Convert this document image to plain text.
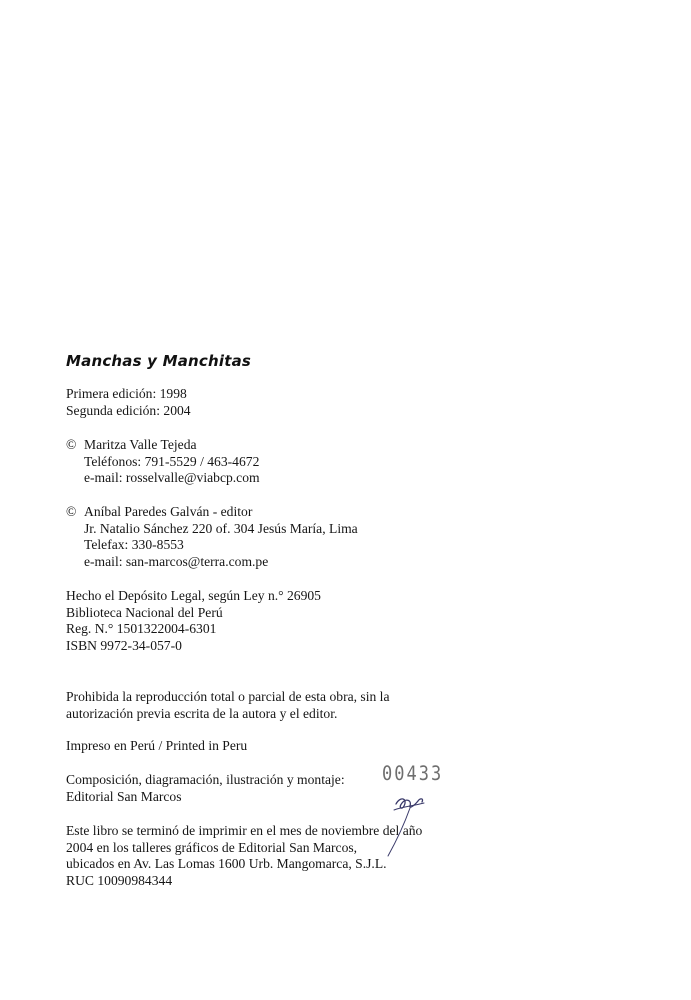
Manchas y Manchitas
Primera edición: 1998
Segunda edición: 2004
© Maritza Valle Tejeda
Teléfonos: 791-5529 / 463-4672
e-mail: rosselvalle@viabcp.com
© Aníbal Paredes Galván - editor
Jr. Natalio Sánchez 220 of. 304 Jesús María, Lima
Telefax: 330-8553
e-mail: san-marcos@terra.com.pe
Hecho el Depósito Legal, según Ley n.° 26905
Biblioteca Nacional del Perú
Reg. N.° 1501322004-6301
ISBN 9972-34-057-0
Prohibida la reproducción total o parcial de esta obra, sin la
autorización previa escrita de la autora y el editor.
Impreso en Perú / Printed in Peru
Composición, diagramación, ilustración y montaje:
Editorial San Marcos
Este libro se terminó de imprimir en el mes de noviembre del año
2004 en los talleres gráficos de Editorial San Marcos,
ubicados en Av. Las Lomas 1600 Urb. Mangomarca, S.J.L.
RUC 10090984344
00433
